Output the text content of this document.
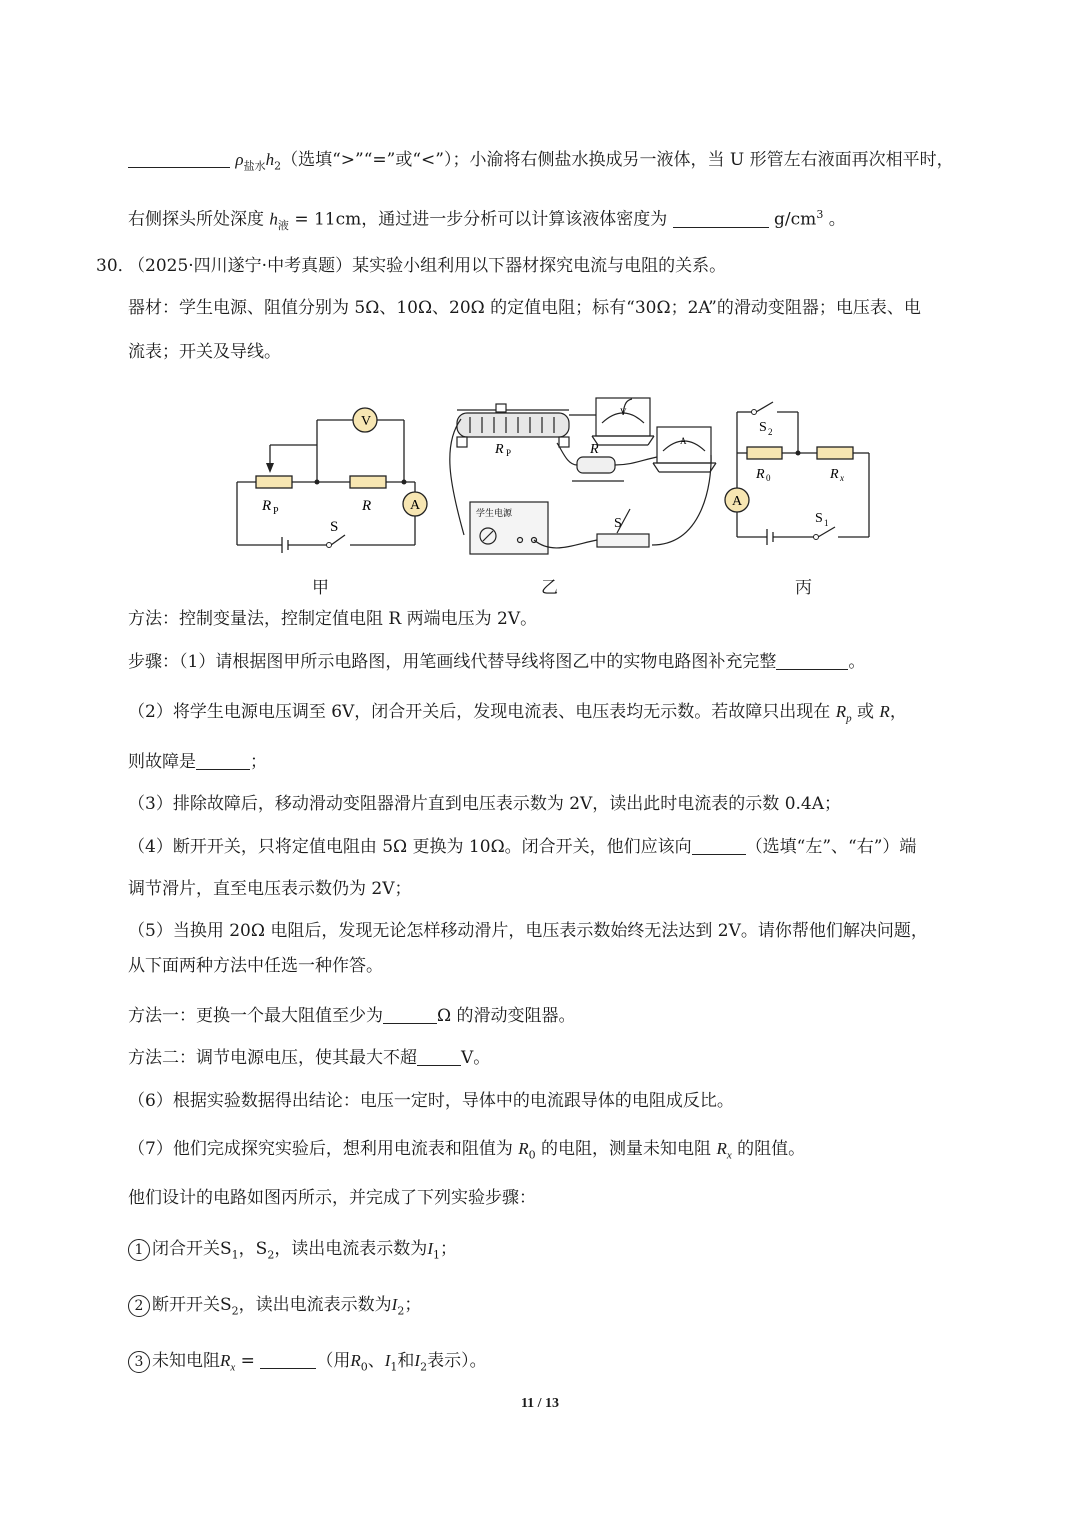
$\rho_{盐水}h_2$（选填“>”“=”或“<”）；小渝将右侧盐水换成另一液体，当 U 形管左右液面再次相平时，
右侧探头所处深度 $h_液 = 11cm$，通过进一步分析可以计算该液体密度为	$g/cm^3$ 。
30．
（2025·四川遂宁·中考真题）某实验小组利用以下器材探究电流与电阻的关系。
器材：学生电源、阻值分别为 5Ω、10Ω、20Ω 的定值电阻；标有“30Ω；2A”的滑动变阻器；电压表、电
流表；开关及导线。
V
A
R P	R
S
学生电源
R P	R
S
V
A
A
S 2
R 0	R x
S 1
甲	乙	丙
方法：控制变量法，控制定值电阻 R 两端电压为 2V。
步骤：（1）请根据图甲所示电路图，用笔画线代替导线将图乙中的实物电路图补充完整	。
（2）将学生电源电压调至 6V，闭合开关后，发现电流表、电压表均无示数。若故障只出现在 $R_p$ 或 R，
则故障是	；
（3）排除故障后，移动滑动变阻器滑片直到电压表示数为 2V，读出此时电流表的示数 0.4A；
（4）断开开关，只将定值电阻由 5Ω 更换为 10Ω。闭合开关，他们应该向	（选填“左”、“右”）端
调节滑片，直至电压表示数仍为 2V；
（5）当换用 20Ω 电阻后，发现无论怎样移动滑片，电压表示数始终无法达到 2V。请你帮他们解决问题，
从下面两种方法中任选一种作答。
方法一：更换一个最大阻值至少为	Ω 的滑动变阻器。
方法二：调节电源电压，使其最大不超	V。
（6）根据实验数据得出结论：电压一定时，导体中的电流跟导体的电阻成反比。
（7）他们完成探究实验后，想利用电流表和阻值为 $R_0$ 的电阻，测量未知电阻 $R_x$ 的阻值。
他们设计的电路如图丙所示，并完成了下列实验步骤：
1 闭合开关$S_1$，$S_2$，读出电流表示数为$I_1$；
2 断开开关$S_2$，读出电流表示数为$I_2$；
3 未知电阻$R_x$ =	（用$R_0$、$I_1$和$I_2$表示）。
11 / 13
